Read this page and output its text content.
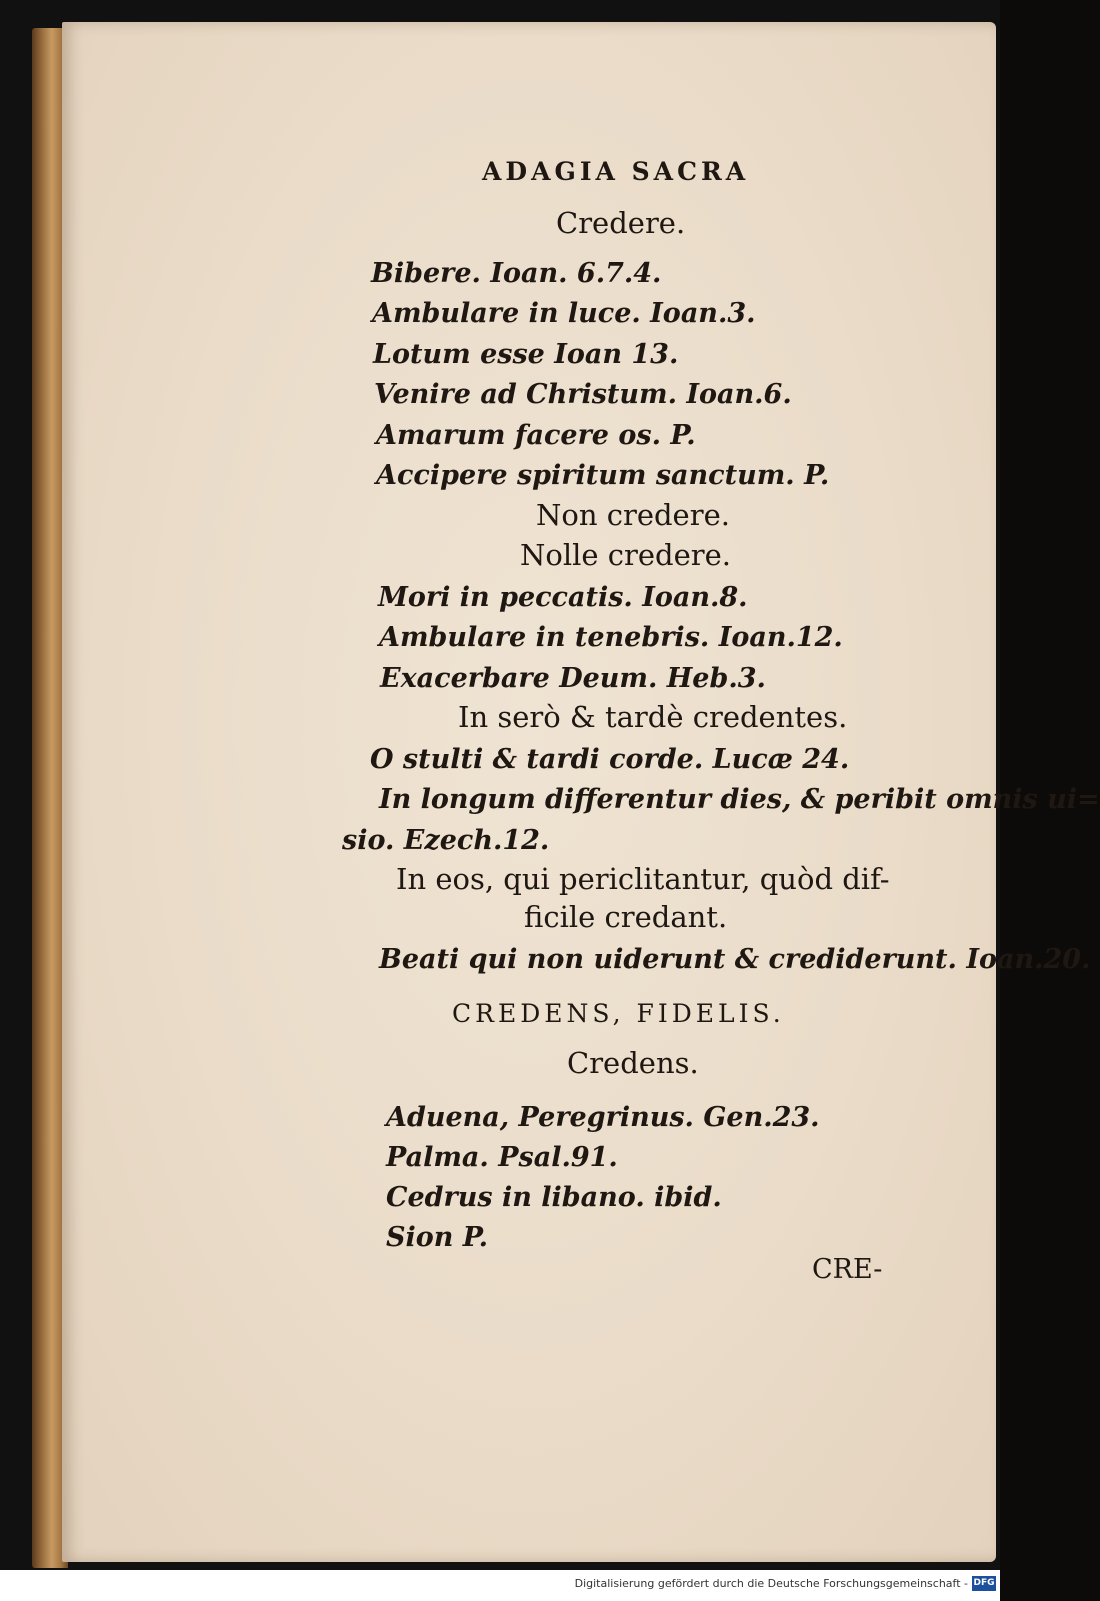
ADAGIA SACRA
Credere.
Bibere. Ioan. 6.7.4.
Ambulare in luce. Ioan.3.
Lotum esse Ioan 13.
Venire ad Christum. Ioan.6.
Amarum facere os. P.
Accipere spiritum sanctum. P.
Non credere.
Nolle credere.
Mori in peccatis. Ioan.8.
Ambulare in tenebris. Ioan.12.
Exacerbare Deum. Heb.3.
In serò & tardè credentes.
O stulti & tardi corde. Lucæ 24.
In longum differentur dies, & peribit omnis ui=
sio. Ezech.12.
In eos, qui periclitantur, quòd dif-
ficile credant.
Beati qui non uiderunt & crediderunt. Ioan.20.
CREDENS, FIDELIS.
Credens.
Aduena, Peregrinus. Gen.23.
Palma. Psal.91.
Cedrus in libano. ibid.
Sion P.
CRE-
Digitalisierung gefördert durch die Deutsche Forschungsgemeinschaft - DFG
